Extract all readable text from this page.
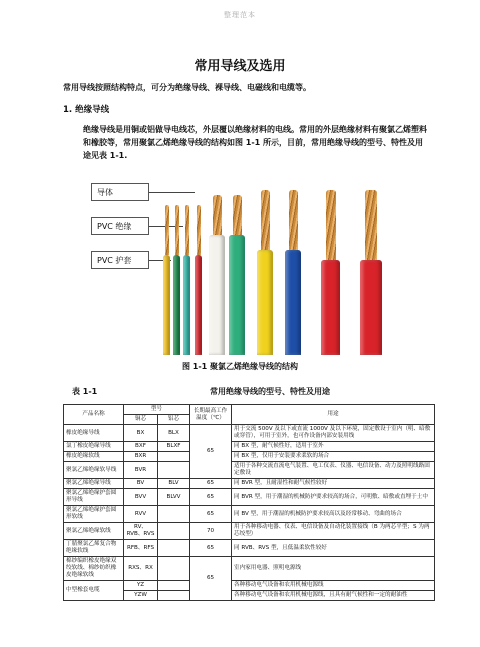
整理范本
常用导线及选用
常用导线按照结构特点，可分为绝缘导线、裸导线、电磁线和电缆等。
1. 绝缘导线
绝缘导线是用铜或铝做导电线芯，外层覆以绝缘材料的电线。常用的外层绝缘材料有聚氯乙烯塑料和橡胶等，常用聚氯乙烯绝缘导线的结构如图 1-1 所示，目前，常用绝缘导线的型号、特性及用途见表 1-1.
导体
PVC 绝缘
PVC 护套
图 1-1 聚氯乙烯绝缘导线的结构
表 1-1	常用绝缘导线的型号、特性及用途
产品名称	型号		长期最高工作温度（℃）	用途
	铜芯	铝芯		
橡皮绝缘导线	BX	BLX	65	用于交流 500V 及以下或直流 1000V 及以下环境，固定敷设于室内（明、暗敷或穿管），可用于室外，也可作设备内部安装用线
氯丁橡皮绝缘导线	BXF	BLXF		同 BX 型，耐气候性好，适用于室外
橡皮绝缘软线	BXR			同 BX 型，仅用于安装要求柔软的场合
聚氯乙烯绝缘软导线	BVR			适用于各种交流直流电气装置、电工仪表、仪器、电信设备、动力及照明线路固定敷设
聚氯乙烯绝缘导线	BV	BLV	65	同 BVR 型，且耐湿性和耐气候性较好
聚氯乙烯绝缘护套圆形导线	BVV	BLVV	65	同 BVR 型，用于潮湿的机械防护要求较高的场合，可明敷、暗敷或直埋于土中
聚氯乙烯绝缘护套圆形软线	RVV		65	同 BV 型，用于潮湿的机械防护要求较高以及经常移动、弯曲的场合
聚氯乙烯绝缘软线	RV、RVB、RVS		70	用于各种移动电器、仪表、电信设备及自动化装置接线（B 为两芯平型；S 为两芯绞型）
丁腈聚氯乙烯复合物绝缘软线	RFB、RFS		65	同 RVB、RVS 型，且低温柔软性较好
棉纱编织橡皮绝缘双绞软线、棉纱纺织橡皮绝缘软线	RXS、RX		65	室内家用电器、照明电源线
中型橡套电缆	YZ			各种移动电气设备和农用机械电源线
	YZW			各种移动电气设备和农用机械电源线，且具有耐气候性和一定的耐油性
